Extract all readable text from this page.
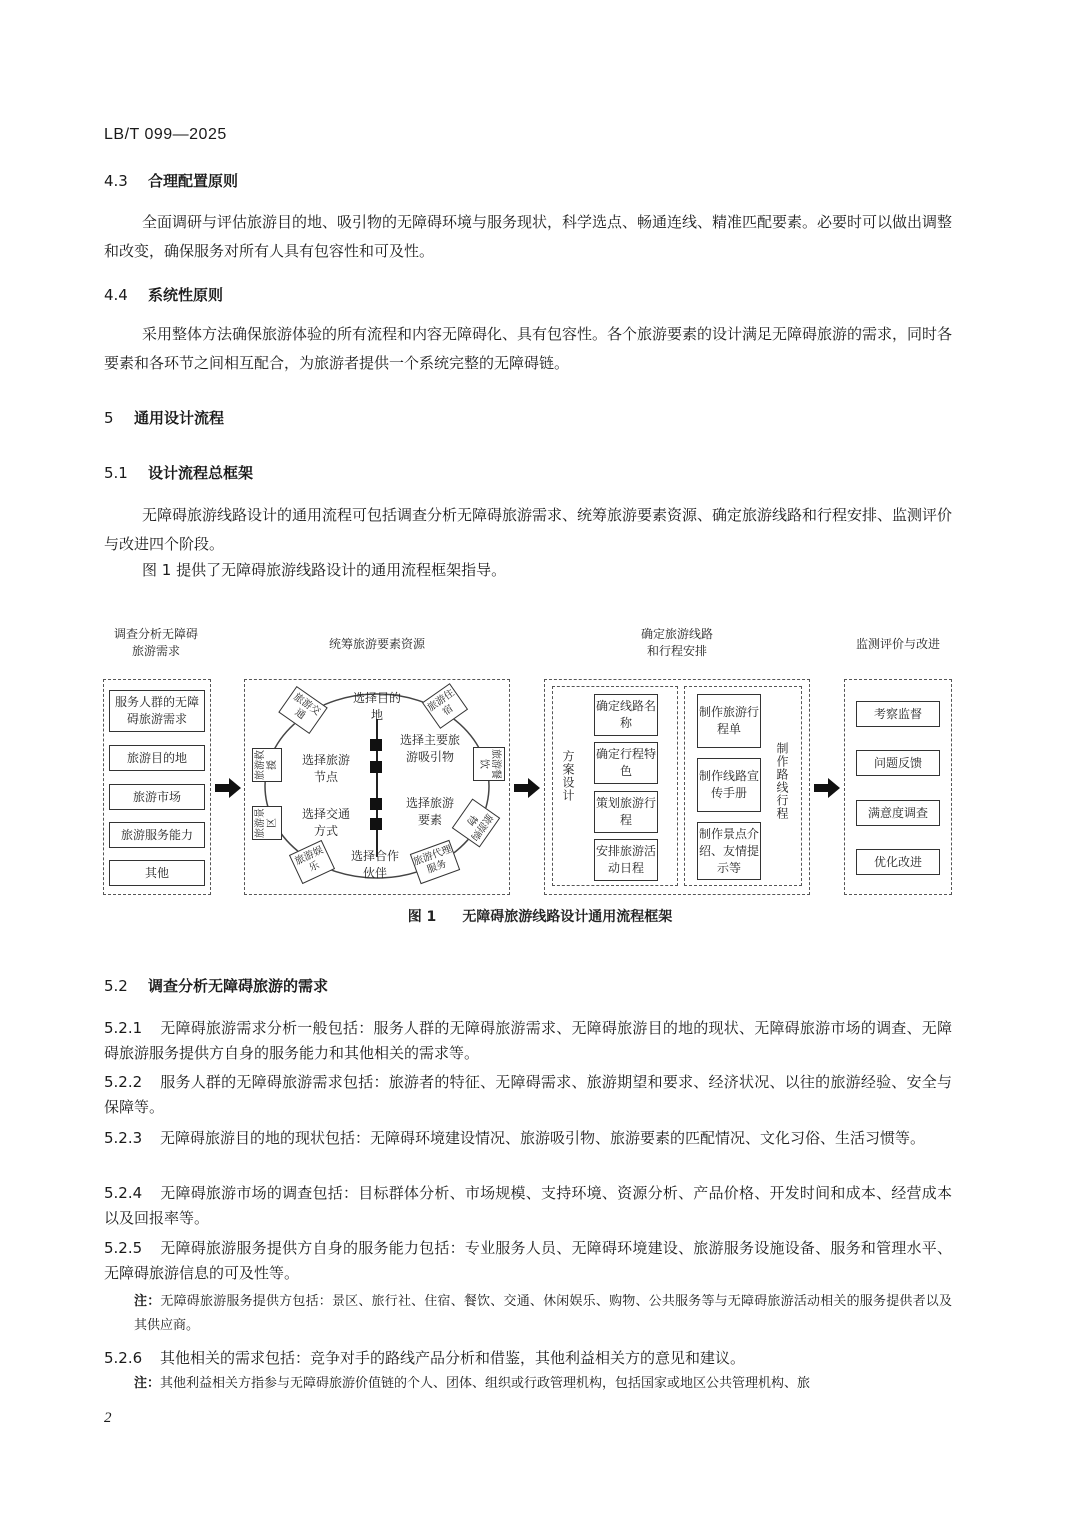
LB/T 099—2025
4.3 合理配置原则
全面调研与评估旅游目的地、吸引物的无障碍环境与服务现状，科学选点、畅通连线、精准匹配要素。必要时可以做出调整和改变，确保服务对所有人具有包容性和可及性。
4.4 系统性原则
采用整体方法确保旅游体验的所有流程和内容无障碍化、具有包容性。各个旅游要素的设计满足无障碍旅游的需求，同时各要素和各环节之间相互配合，为旅游者提供一个系统完整的无障碍链。
5 通用设计流程
5.1 设计流程总框架
无障碍旅游线路设计的通用流程可包括调查分析无障碍旅游需求、统筹旅游要素资源、确定旅游线路和行程安排、监测评价与改进四个阶段。
图 1 提供了无障碍旅游线路设计的通用流程框架指导。
调查分析无障碍
旅游需求	统筹旅游要素资源
确定旅游线路
和行程安排	监测评价与改进
服务人群的无障碍旅游需求
旅游目的地
旅游市场
旅游服务能力
其他
选择目的地
选择主要旅游吸引物
选择旅游节点
选择旅游要素
选择交通方式
选择合作伙伴
旅游交通
旅游住宿
旅游餐饮
旅游购物
旅游娱乐	旅游代理服务
旅游景区
旅游救援	方案设计
确定线路名称
确定行程特色
策划旅游行程
安排旅游活动日程
制作旅游行程单
制作线路宣传手册
制作景点介绍、友情提示等
制作路线行程
考察监督
问题反馈
满意度调查
优化改进
图 1 无障碍旅游线路设计通用流程框架
5.2 调查分析无障碍旅游的需求
5.2.1 无障碍旅游需求分析一般包括：服务人群的无障碍旅游需求、无障碍旅游目的地的现状、无障碍旅游市场的调查、无障碍旅游服务提供方自身的服务能力和其他相关的需求等。
5.2.2 服务人群的无障碍旅游需求包括：旅游者的特征、无障碍需求、旅游期望和要求、经济状况、以往的旅游经验、安全与保障等。
5.2.3 无障碍旅游目的地的现状包括：无障碍环境建设情况、旅游吸引物、旅游要素的匹配情况、文化习俗、生活习惯等。
5.2.4 无障碍旅游市场的调查包括：目标群体分析、市场规模、支持环境、资源分析、产品价格、开发时间和成本、经营成本以及回报率等。
5.2.5 无障碍旅游服务提供方自身的服务能力包括：专业服务人员、无障碍环境建设、旅游服务设施设备、服务和管理水平、无障碍旅游信息的可及性等。
注：无障碍旅游服务提供方包括：景区、旅行社、住宿、餐饮、交通、休闲娱乐、购物、公共服务等与无障碍旅游活动相关的服务提供者以及其供应商。
5.2.6 其他相关的需求包括：竞争对手的路线产品分析和借鉴，其他利益相关方的意见和建议。
注：其他利益相关方指参与无障碍旅游价值链的个人、团体、组织或行政管理机构，包括国家或地区公共管理机构、旅
2
